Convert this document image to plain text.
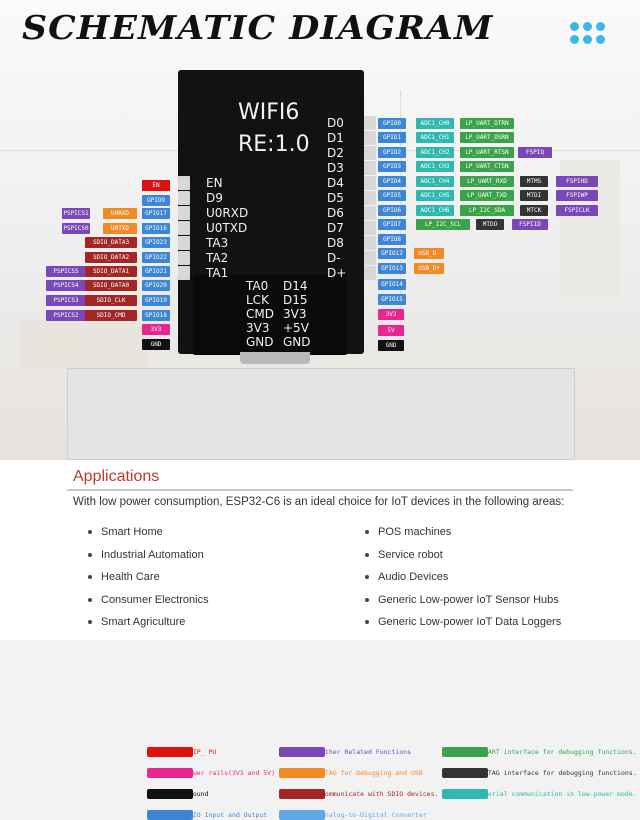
SCHEMATIC DIAGRAM
WIFI6
RE:1.0
D0
D1
D2
D3
D4
D5
D6
D7
D8
D-
D+
EN
D9
U0RXD
U0TXD
TA3
TA2
TA1
TA0 D14
LCK D15
CMD 3V3
3V3 +5V
GND GND
EN
GPIO9
PSPICS1	U0RXD	GPIO17
PSPICS0	U0TXD	GPIO16
SDIO_DATA3	GPIO23
SDIO_DATA2	GPIO22
PSPICS5	SDIO_DATA1	GPIO21
PSPICS4	SDIO_DATA0	GPIO20
PSPICS3	SDIO_CLK	GPIO19
PSPICS2	SDIO_CMD	GPIO18
3V3
GND
GPIO0	ADC1_CH0	LP_UART_DTRN
GPIO1	ADC1_CH1	LP_UART_DSRN
GPIO2	ADC1_CH2	LP_UART_RTSN	FSPIQ
GPIO3	ADC1_CH3	LP_UART_CTSN
GPIO4	ADC1_CH4	LP_UART_RXD	MTMS	FSPIHD
GPIO5	ADC1_CH5	LP_UART_TXD	MTDI	FSPIWP
GPIO6	ADC1_CH6	LP_I2C_SDA	MTCK	FSPICLK
GPIO7	LP_I2C_SCL	MTDO	FSPIID
GPIO8
GPIO12	USB_D-
GPIO13	USB_D+
GPIO14
GPIO15
3V3
5V
GND
CHIP_ PU	Other Related Functions	UART interface for debugging functions.
Power rails(3V3 and 5V)	JTAG for Debugging and USB	JTAG interface for debugging functions.
Ground	Communicate with SDIO devices.	Serial communication in low-power mode.
GPIO Input and Output	Analog-to-Digital Converter
Applications
With low power consumption, ESP32-C6 is an ideal choice for IoT devices in the following areas:
Smart Home
Industrial Automation
Health Care
Consumer Electronics
Smart Agriculture
POS machines
Service robot
Audio Devices
Generic Low-power IoT Sensor Hubs
Generic Low-power IoT Data Loggers
